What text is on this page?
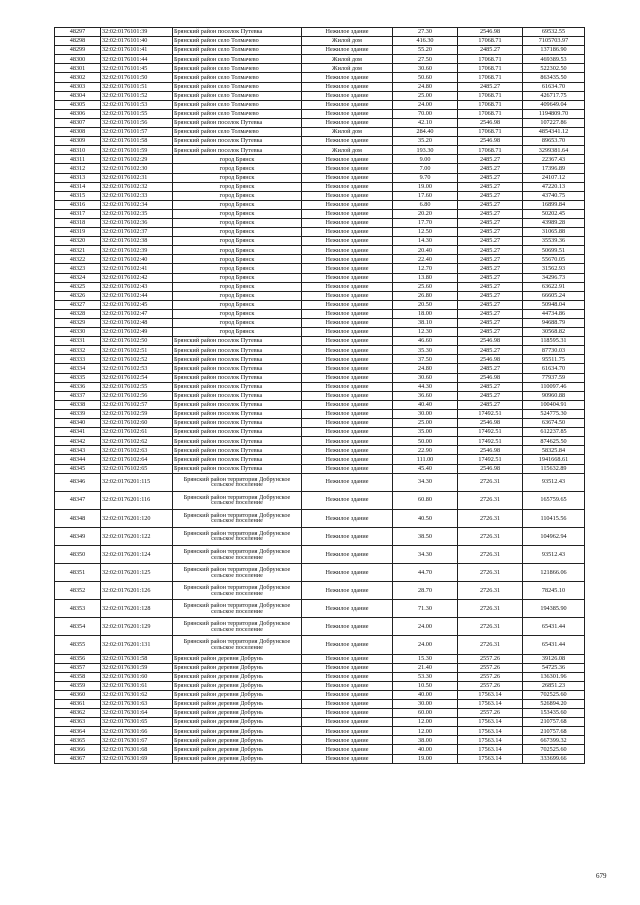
48297	32:02:0176101:39	Брянский район поселок Путевка	Нежилое здание	27.30	2546.98	69532.55
48298	32:02:0176101:40	Брянский район село Толмачево	Жилой дом	416.30	17068.71	7105703.97
48299	32:02:0176101:41	Брянский район село Толмачево	Нежилое здание	55.20	2485.27	137186.90
48300	32:02:0176101:44	Брянский район село Толмачево	Жилой дом	27.50	17068.71	469389.53
48301	32:02:0176101:45	Брянский район село Толмачево	Жилой дом	30.60	17068.71	522302.50
48302	32:02:0176101:50	Брянский район село Толмачево	Нежилое здание	50.60	17068.71	863435.50
48303	32:02:0176101:51	Брянский район село Толмачево	Нежилое здание	24.80	2485.27	61634.70
48304	32:02:0176101:52	Брянский район село Толмачево	Нежилое здание	25.00	17068.71	426717.75
48305	32:02:0176101:53	Брянский район село Толмачево	Нежилое здание	24.00	17068.71	409649.04
48306	32:02:0176101:55	Брянский район село Толмачево	Нежилое здание	70.00	17068.71	1194809.70
48307	32:02:0176101:56	Брянский район поселок Путевка	Нежилое здание	42.10	2546.98	107227.86
48308	32:02:0176101:57	Брянский район село Толмачево	Жилой дом	284.40	17068.71	4854341.12
48309	32:02:0176101:58	Брянский район поселок Путевка	Нежилое здание	35.20	2546.98	89653.70
48310	32:02:0176101:59	Брянский район поселок Путевка	Жилой дом	193.30	17068.71	3299381.64
48311	32:02:0176102:29	город Брянск	Нежилое здание	9.00	2485.27	22367.43
48312	32:02:0176102:30	город Брянск	Нежилое здание	7.00	2485.27	17396.89
48313	32:02:0176102:31	город Брянск	Нежилое здание	9.70	2485.27	24107.12
48314	32:02:0176102:32	город Брянск	Нежилое здание	19.00	2485.27	47220.13
48315	32:02:0176102:33	город Брянск	Нежилое здание	17.60	2485.27	43740.75
48316	32:02:0176102:34	город Брянск	Нежилое здание	6.80	2485.27	16899.84
48317	32:02:0176102:35	город Брянск	Нежилое здание	20.20	2485.27	50202.45
48318	32:02:0176102:36	город Брянск	Нежилое здание	17.70	2485.27	43989.28
48319	32:02:0176102:37	город Брянск	Нежилое здание	12.50	2485.27	31065.88
48320	32:02:0176102:38	город Брянск	Нежилое здание	14.30	2485.27	35539.36
48321	32:02:0176102:39	город Брянск	Нежилое здание	20.40	2485.27	50699.51
48322	32:02:0176102:40	город Брянск	Нежилое здание	22.40	2485.27	55670.05
48323	32:02:0176102:41	город Брянск	Нежилое здание	12.70	2485.27	31562.93
48324	32:02:0176102:42	город Брянск	Нежилое здание	13.80	2485.27	34296.73
48325	32:02:0176102:43	город Брянск	Нежилое здание	25.60	2485.27	63622.91
48326	32:02:0176102:44	город Брянск	Нежилое здание	26.80	2485.27	66605.24
48327	32:02:0176102:45	город Брянск	Нежилое здание	20.50	2485.27	50948.04
48328	32:02:0176102:47	город Брянск	Нежилое здание	18.00	2485.27	44734.86
48329	32:02:0176102:48	город Брянск	Нежилое здание	38.10	2485.27	94688.79
48330	32:02:0176102:49	город Брянск	Нежилое здание	12.30	2485.27	30568.82
48331	32:02:0176102:50	Брянский район поселок Путевка	Нежилое здание	46.60	2546.98	118595.31
48332	32:02:0176102:51	Брянский район поселок Путевка	Нежилое здание	35.30	2485.27	87730.03
48333	32:02:0176102:52	Брянский район поселок Путевка	Нежилое здание	37.50	2546.98	95511.75
48334	32:02:0176102:53	Брянский район поселок Путевка	Нежилое здание	24.80	2485.27	61634.70
48335	32:02:0176102:54	Брянский район поселок Путевка	Нежилое здание	30.60	2546.98	77937.59
48336	32:02:0176102:55	Брянский район поселок Путевка	Нежилое здание	44.30	2485.27	110097.46
48337	32:02:0176102:56	Брянский район поселок Путевка	Нежилое здание	36.60	2485.27	90960.88
48338	32:02:0176102:57	Брянский район поселок Путевка	Нежилое здание	40.40	2485.27	100404.91
48339	32:02:0176102:59	Брянский район поселок Путевка	Нежилое здание	30.00	17492.51	524775.30
48340	32:02:0176102:60	Брянский район поселок Путевка	Нежилое здание	25.00	2546.98	63674.50
48341	32:02:0176102:61	Брянский район поселок Путевка	Нежилое здание	35.00	17492.51	612237.85
48342	32:02:0176102:62	Брянский район поселок Путевка	Нежилое здание	50.00	17492.51	874625.50
48343	32:02:0176102:63	Брянский район поселок Путевка	Нежилое здание	22.90	2546.98	58325.84
48344	32:02:0176102:64	Брянский район поселок Путевка	Нежилое здание	111.00	17492.51	1941668.61
48345	32:02:0176102:65	Брянский район поселок Путевка	Нежилое здание	45.40	2546.98	115632.89
48346	32:02:0176201:115	Брянский район территория Добрунское сельское поселение	Нежилое здание	34.30	2726.31	93512.43
48347	32:02:0176201:116	Брянский район территория Добрунское сельское поселение	Нежилое здание	60.80	2726.31	165759.65
48348	32:02:0176201:120	Брянский район территория Добрунское сельское поселение	Нежилое здание	40.50	2726.31	110415.56
48349	32:02:0176201:122	Брянский район территория Добрунское сельское поселение	Нежилое здание	38.50	2726.31	104962.94
48350	32:02:0176201:124	Брянский район территория Добрунское сельское поселение	Нежилое здание	34.30	2726.31	93512.43
48351	32:02:0176201:125	Брянский район территория Добрунское сельское поселение	Нежилое здание	44.70	2726.31	121866.06
48352	32:02:0176201:126	Брянский район территория Добрунское сельское поселение	Нежилое здание	28.70	2726.31	78245.10
48353	32:02:0176201:128	Брянский район территория Добрунское сельское поселение	Нежилое здание	71.30	2726.31	194385.90
48354	32:02:0176201:129	Брянский район территория Добрунское сельское поселение	Нежилое здание	24.00	2726.31	65431.44
48355	32:02:0176201:131	Брянский район территория Добрунское сельское поселение	Нежилое здание	24.00	2726.31	65431.44
48356	32:02:0176301:58	Брянский район деревня Добрунь	Нежилое здание	15.30	2557.26	39126.08
48357	32:02:0176301:59	Брянский район деревня Добрунь	Нежилое здание	21.40	2557.26	54725.36
48358	32:02:0176301:60	Брянский район деревня Добрунь	Нежилое здание	53.30	2557.26	136301.96
48359	32:02:0176301:61	Брянский район деревня Добрунь	Нежилое здание	10.50	2557.26	26851.23
48360	32:02:0176301:62	Брянский район деревня Добрунь	Нежилое здание	40.00	17563.14	702525.60
48361	32:02:0176301:63	Брянский район деревня Добрунь	Нежилое здание	30.00	17563.14	526894.20
48362	32:02:0176301:64	Брянский район деревня Добрунь	Нежилое здание	60.00	2557.26	153435.60
48363	32:02:0176301:65	Брянский район деревня Добрунь	Нежилое здание	12.00	17563.14	210757.68
48364	32:02:0176301:66	Брянский район деревня Добрунь	Нежилое здание	12.00	17563.14	210757.68
48365	32:02:0176301:67	Брянский район деревня Добрунь	Нежилое здание	38.00	17563.14	667399.32
48366	32:02:0176301:68	Брянский район деревня Добрунь	Нежилое здание	40.00	17563.14	702525.60
48367	32:02:0176301:69	Брянский район деревня Добрунь	Нежилое здание	19.00	17563.14	333699.66
679
